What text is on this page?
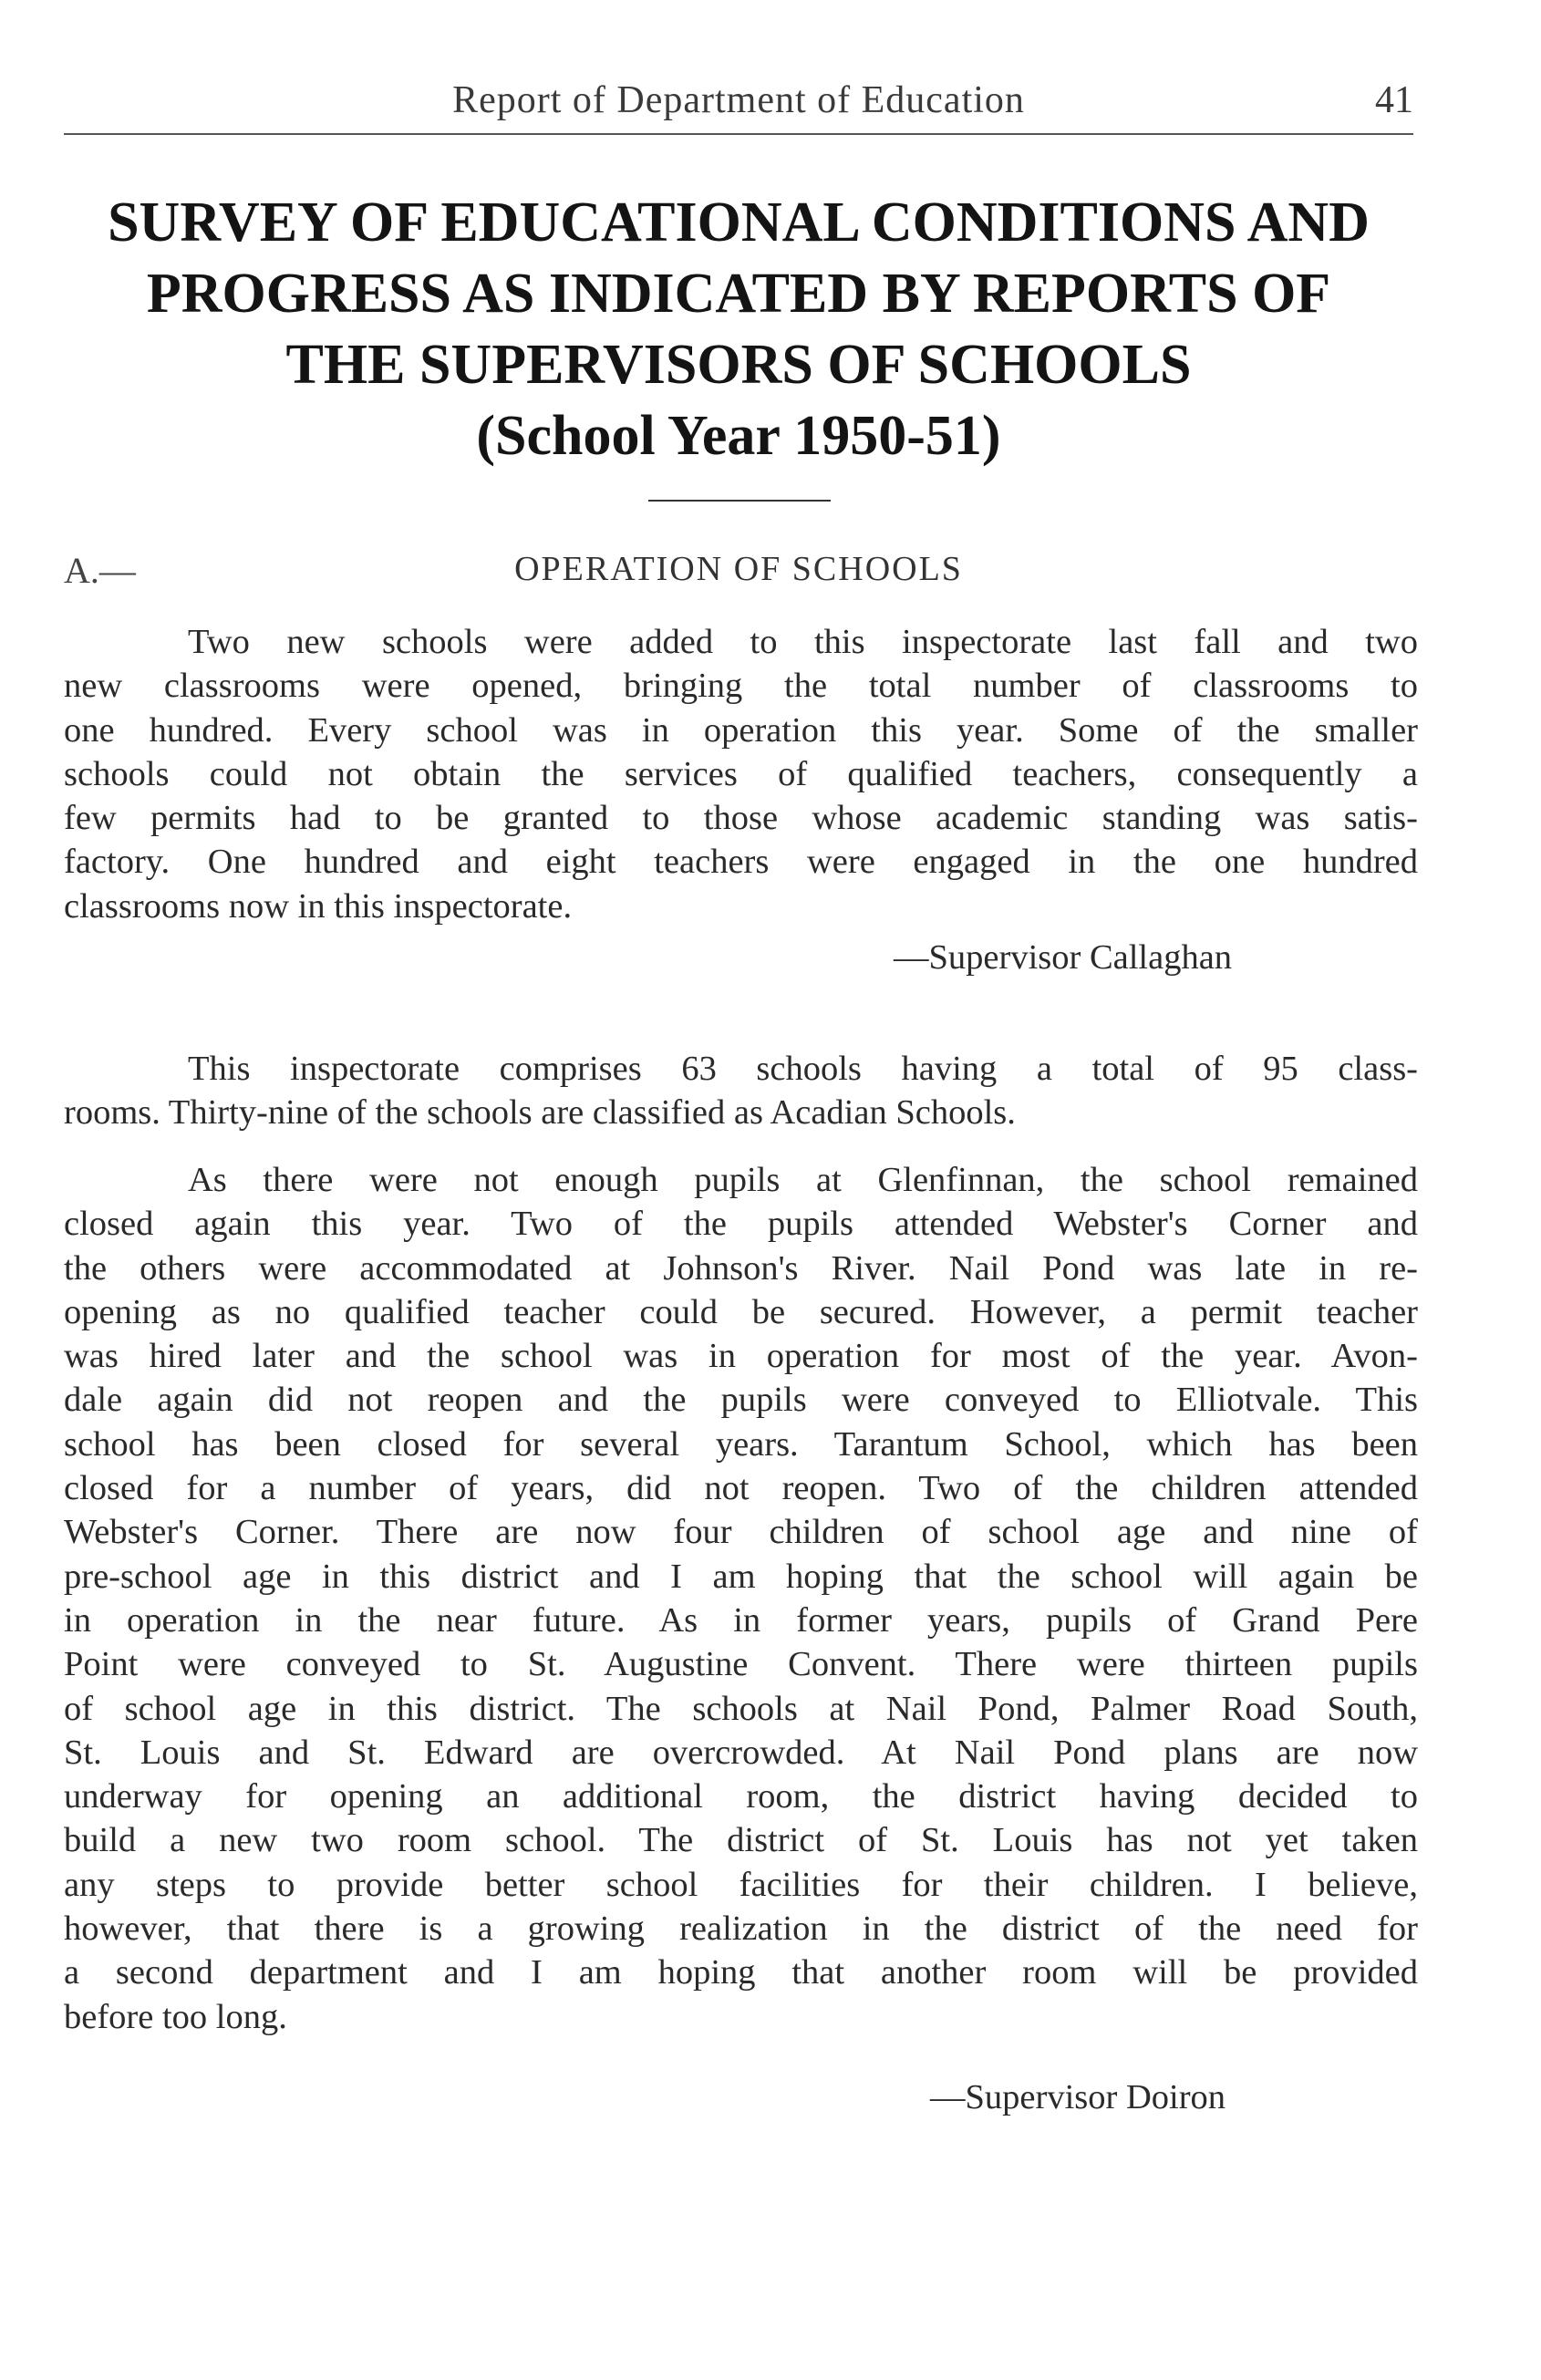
Report of Department of Education	41
SURVEY OF EDUCATIONAL CONDITIONS AND
PROGRESS AS INDICATED BY REPORTS OF
THE SUPERVISORS OF SCHOOLS
(School Year 1950-51)
A.—	OPERATION OF SCHOOLS
Two new schools were added to this inspectorate last fall and two
new classrooms were opened, bringing the total number of classrooms to
one hundred. Every school was in operation this year. Some of the smaller
schools could not obtain the services of qualified teachers, consequently a
few permits had to be granted to those whose academic standing was satis-
factory. One hundred and eight teachers were engaged in the one hundred
classrooms now in this inspectorate.
—Supervisor Callaghan
This inspectorate comprises 63 schools having a total of 95 class-
rooms. Thirty-nine of the schools are classified as Acadian Schools.
As there were not enough pupils at Glenfinnan, the school remained
closed again this year. Two of the pupils attended Webster's Corner and
the others were accommodated at Johnson's River. Nail Pond was late in re-
opening as no qualified teacher could be secured. However, a permit teacher
was hired later and the school was in operation for most of the year. Avon-
dale again did not reopen and the pupils were conveyed to Elliotvale. This
school has been closed for several years. Tarantum School, which has been
closed for a number of years, did not reopen. Two of the children attended
Webster's Corner. There are now four children of school age and nine of
pre-school age in this district and I am hoping that the school will again be
in operation in the near future. As in former years, pupils of Grand Pere
Point were conveyed to St. Augustine Convent. There were thirteen pupils
of school age in this district. The schools at Nail Pond, Palmer Road South,
St. Louis and St. Edward are overcrowded. At Nail Pond plans are now
underway for opening an additional room, the district having decided to
build a new two room school. The district of St. Louis has not yet taken
any steps to provide better school facilities for their children. I believe,
however, that there is a growing realization in the district of the need for
a second department and I am hoping that another room will be provided
before too long.
—Supervisor Doiron
